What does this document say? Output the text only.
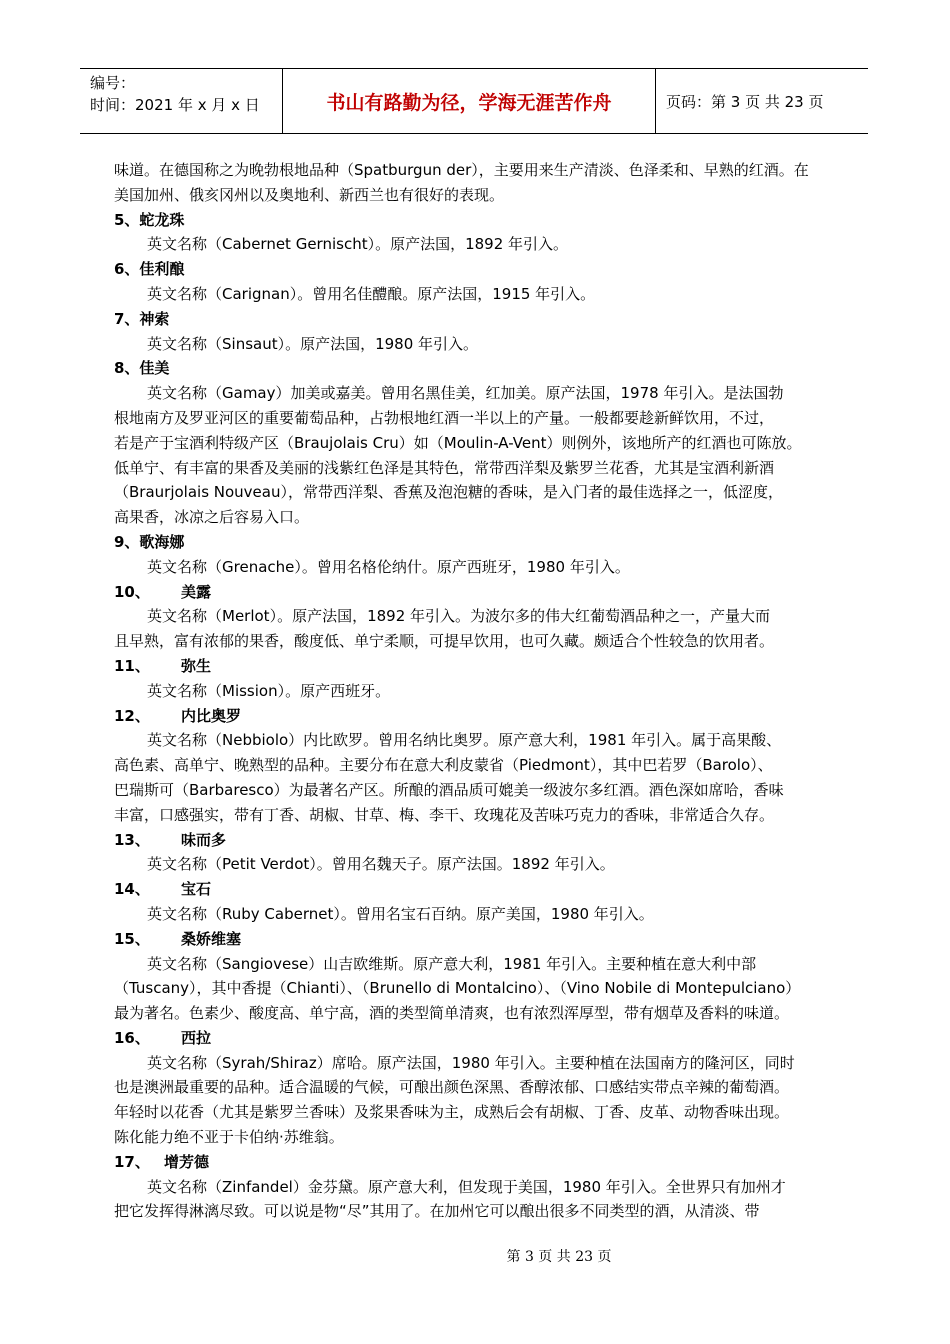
编号：
时间：2021 年 x 月 x 日	书山有路勤为径，学海无涯苦作舟	页码：第 3 页 共 23 页
味道。在德国称之为晚勃根地品种（Spatburgun der），主要用来生产清淡、色泽柔和、早熟的红酒。在
美国加州、俄亥冈州以及奥地利、新西兰也有很好的表现。
5、蛇龙珠
英文名称（Cabernet Gernischt）。原产法国，1892 年引入。
6、佳利酿
英文名称（Carignan）。曾用名佳醴酿。原产法国，1915 年引入。
7、神索
英文名称（Sinsaut）。原产法国，1980 年引入。
8、佳美
英文名称（Gamay）加美或嘉美。曾用名黑佳美，红加美。原产法国，1978 年引入。是法国勃
根地南方及罗亚河区的重要葡萄品种，占勃根地红酒一半以上的产量。一般都要趁新鲜饮用，不过，
若是产于宝酒利特级产区（Braujolais Cru）如（Moulin-A-Vent）则例外，该地所产的红酒也可陈放。
低单宁、有丰富的果香及美丽的浅紫红色泽是其特色，常带西洋梨及紫罗兰花香，尤其是宝酒利新酒
（Braurjolais Nouveau），常带西洋梨、香蕉及泡泡糖的香味，是入门者的最佳选择之一，低涩度，
高果香，冰凉之后容易入口。
9、歌海娜
英文名称（Grenache）。曾用名格伦纳什。原产西班牙，1980 年引入。
10、 美露
英文名称（Merlot）。原产法国，1892 年引入。为波尔多的伟大红葡萄酒品种之一，产量大而
且早熟，富有浓郁的果香，酸度低、单宁柔顺，可提早饮用，也可久藏。颇适合个性较急的饮用者。
11、 弥生
英文名称（Mission）。原产西班牙。
12、 内比奥罗
英文名称（Nebbiolo）内比欧罗。曾用名纳比奥罗。原产意大利，1981 年引入。属于高果酸、
高色素、高单宁、晚熟型的品种。主要分布在意大利皮蒙省（Piedmont），其中巴若罗（Barolo）、
巴瑞斯可（Barbaresco）为最著名产区。所酿的酒品质可媲美一级波尔多红酒。酒色深如席哈，香味
丰富，口感强实，带有丁香、胡椒、甘草、梅、李干、玫瑰花及苦味巧克力的香味，非常适合久存。
13、 味而多
英文名称（Petit Verdot）。曾用名魏天子。原产法国。1892 年引入。
14、 宝石
英文名称（Ruby Cabernet）。曾用名宝石百纳。原产美国，1980 年引入。
15、 桑娇维塞
英文名称（Sangiovese）山吉欧维斯。原产意大利，1981 年引入。主要种植在意大利中部
（Tuscany），其中香提（Chianti）、（Brunello di Montalcino）、（Vino Nobile di Montepulciano）
最为著名。色素少、酸度高、单宁高，酒的类型简单清爽，也有浓烈浑厚型，带有烟草及香料的味道。
16、 西拉
英文名称（Syrah/Shiraz）席哈。原产法国，1980 年引入。主要种植在法国南方的隆河区，同时
也是澳洲最重要的品种。适合温暖的气候，可酿出颜色深黑、香醇浓郁、口感结实带点辛辣的葡萄酒。
年轻时以花香（尤其是紫罗兰香味）及浆果香味为主，成熟后会有胡椒、丁香、皮革、动物香味出现。
陈化能力绝不亚于卡伯纳·苏维翁。
17、 增芳德
英文名称（Zinfandel）金芬黛。原产意大利，但发现于美国，1980 年引入。全世界只有加州才
把它发挥得淋漓尽致。可以说是物“尽”其用了。在加州它可以酿出很多不同类型的酒，从清淡、带
第 3 页 共 23 页
